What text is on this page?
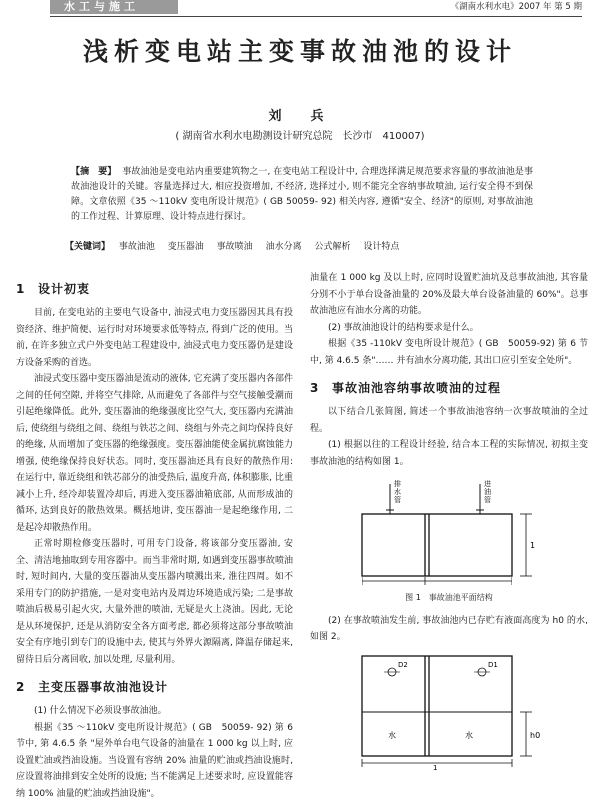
水工与施工	《湖南水利水电》2007 年 第 5 期
浅析变电站主变事故油池的设计
刘　兵
( 湖南省水利水电勘测设计研究总院　长沙市　410007)
【摘　要】 事故油池是变电站内重要建筑物之一, 在变电站工程设计中, 合理选择满足规范要求容量的事故油池是事故油池设计的关键。容量选择过大, 相应投资增加, 不经济, 选择过小, 则不能完全容纳事故喷油, 运行安全得不到保障。文章依照《35 ～110kV 变电所设计规范》( GB 50059- 92) 相关内容, 遵循"安全、经济"的原则, 对事故油池的工作过程、计算原理、设计特点进行探讨。
【关键词】 事故油池 变压器油 事故喷油 油水分离 公式解析 设计特点
1 设计初衷

目前, 在变电站的主要电气设备中, 油浸式电力变压器因其具有投资经济、维护简便、运行时对环境要求低等特点, 得到广泛的使用。当前, 在许多独立式户外变电站工程建设中, 油浸式电力变压器仍是建设方设备采购的首选。

油浸式变压器中变压器油是流动的液体, 它充满了变压器内各部件之间的任何空隙, 并将空气排除, 从而避免了各部件与空气接触受潮而引起绝缘降低。此外, 变压器油的绝缘强度比空气大, 变压器内充满油后, 使绕组与绕组之间、绕组与铁芯之间、绕组与外壳之间均保持良好的绝缘, 从而增加了变压器的绝缘强度。变压器油能使金属抗腐蚀能力增强, 使绝缘保持良好状态。同时, 变压器油还具有良好的散热作用: 在运行中, 靠近绕组和铁芯部分的油受热后, 温度升高, 体积膨胀, 比重减小上升, 经冷却装置冷却后, 再进入变压器油箱底部, 从而形成油的循环, 达到良好的散热效果。概括地讲, 变压器油一是起绝缘作用, 二是起冷却散热作用。

正常时期检修变压器时, 可用专门设备, 将该部分变压器油, 安全、清洁地抽取到专用容器中。而当非常时期, 如遇到变压器事故喷油时, 短时间内, 大量的变压器油从变压器内喷溅出来, 淮往四周。如不采用专门的防护措施, 一是对变电站内及周边环境造成污染; 二是事故喷油后极易引起火灾, 大量外泄的喷油, 无疑是火上浇油。因此, 无论是从环境保护, 还是从消防安全各方面考虑, 都必须将这部分事故喷油安全有序地引到专门的设施中去, 使其与外界火源隔离, 降温存储起来, 留待日后分离回收, 加以处理, 尽量利用。

2 主变压器事故油池设计

(1) 什么情况下必须设事故油池。

根据《35 ～110kV 变电所设计规范》( GB　50059- 92) 第 6 节中, 第 4.6.5 条 "屋外单台电气设备的油量在 1 000 kg 以上时, 应设置贮油或挡油设施。当设置有容纳 20% 油量的贮油或挡油设施时, 应设置将油排到安全处所的设施; 当不能满足上述要求时, 应设置能容纳 100% 油量的贮油或挡油设施"。

油量在 1 000 kg 及以上时, 应同时设置贮油坑及总事故油池, 其容量分别不小于单台设备油量的 20%及最大单台设备油量的 60%"。总事故油池应有油水分离的功能。

(2) 事故油池设计的结构要求是什么。

根据《35 -110kV 变电所设计规范》( GB　50059-92) 第 6 节中, 第 4.6.5 条"…… 并有油水分离功能, 其出口应引至安全处所"。

3 事故油池容纳事故喷油的过程

以下结合几张简图, 简述一个事故油池容纳一次事故喷油的全过程。

(1) 根据以往的工程设计经验, 结合本工程的实际情况, 初拟主变事故油池的结构如图 1。

排水管
进油管
1
图 1　事故油池平面结构

(2) 在事故喷油发生前, 事故油池内已存贮有液面高度为 h0 的水, 如图 2。

D2	D1
水	水	h0
1
